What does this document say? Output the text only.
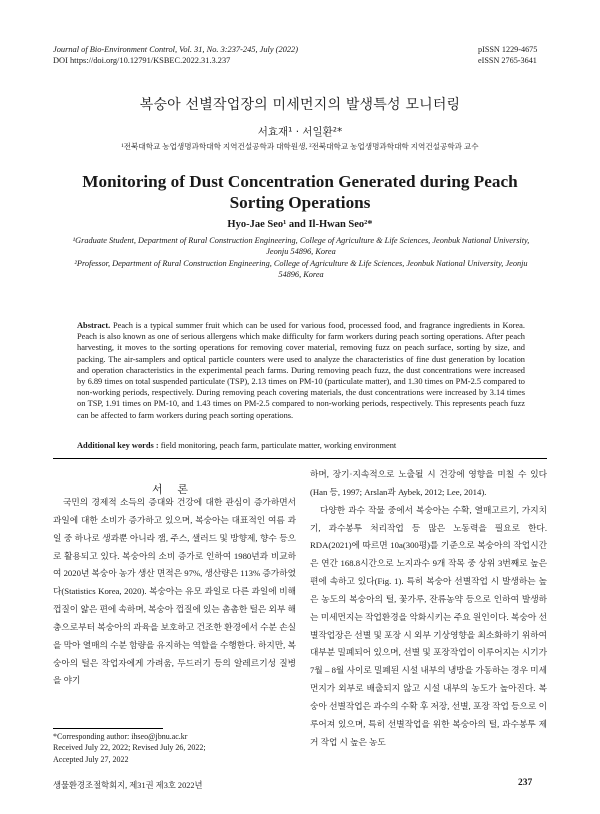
Journal of Bio-Environment Control, Vol. 31, No. 3:237-245, July (2022)
DOI https://doi.org/10.12791/KSBEC.2022.31.3.237
pISSN 1229-4675
eISSN 2765-3641
복숭아 선별작업장의 미세먼지의 발생특성 모니터링
서효재¹ · 서일환²*
¹전북대학교 농업생명과학대학 지역건설공학과 대학원생, ²전북대학교 농업생명과학대학 지역건설공학과 교수
Monitoring of Dust Concentration Generated during Peach Sorting Operations
Hyo-Jae Seo¹ and Il-Hwan Seo²*

¹Graduate Student, Department of Rural Construction Engineering, College of Agriculture & Life Sciences, Jeonbuk National University, Jeonju 54896, Korea

²Professor, Department of Rural Construction Engineering, College of Agriculture & Life Sciences, Jeonbuk National University, Jeonju 54896, Korea

Abstract. Peach is a typical summer fruit which can be used for various food, processed food, and fragrance ingredients in Korea. Peach is also known as one of serious allergens which make difficulty for farm workers during peach sorting operations. After peach harvesting, it moves to the sorting operations for removing cover material, removing fuzz on peach surface, sorting by size, and packing. The air-samplers and optical particle counters were used to analyze the characteristics of fine dust generation by location and operation characteristics in the experimental peach farms. During removing peach fuzz, the dust concentrations were increased by 6.89 times on total suspended particulate (TSP), 2.13 times on PM-10 (particulate matter), and 1.30 times on PM-2.5 compared to non-working periods, respectively. During removing peach covering materials, the dust concentrations were increased by 3.14 times on TSP, 1.91 times on PM-10, and 1.43 times on PM-2.5 compared to non-working periods, respectively. This represents peach fuzz can be affected to farm workers during peach sorting operations.
Additional key words : field monitoring, peach farm, particulate matter, working environment
서 론

국민의 경제적 소득의 증대와 건강에 대한 관심이 증가하면서 과일에 대한 소비가 증가하고 있으며, 복숭아는 대표적인 여름 과일 중 하나로 생과뿐 아니라 잼, 주스, 샐러드 및 방향제, 향수 등으로 활용되고 있다. 복숭아의 소비 증가로 인하여 1980년과 비교하여 2020년 복숭아 농가 생산 면적은 97%, 생산량은 113% 증가하였다(Statistics Korea, 2020). 복숭아는 유모 과일로 다른 과일에 비해 껍질이 얇은 편에 속하며, 복숭아 껍질에 있는 촘촘한 털은 외부 해충으로부터 복숭아의 과육을 보호하고 건조한 환경에서 수분 손실을 막아 열매의 수분 함량을 유지하는 역할을 수행한다. 하지만, 복숭아의 털은 작업자에게 가려움, 두드러기 등의 알레르기성 질병을 야기

하며, 장기·지속적으로 노출될 시 건강에 영향을 미칠 수 있다(Han 등, 1997; Arslan과 Aybek, 2012; Lee, 2014).

다양한 과수 작물 중에서 복숭아는 수확, 열매고르기, 가지치기, 과수봉투 처리작업 등 많은 노동력을 필요로 한다. RDA(2021)에 따르면 10a(300평)를 기준으로 복숭아의 작업시간은 연간 168.8시간으로 노지과수 9개 작목 중 상위 3번째로 높은 편에 속하고 있다(Fig. 1). 특히 복숭아 선별작업 시 발생하는 높은 농도의 복숭아의 털, 꽃가루, 잔류농약 등으로 인하여 발생하는 미세먼지는 작업환경을 악화시키는 주요 원인이다. 복숭아 선별작업장은 선별 및 포장 시 외부 기상영향을 최소화하기 위하여 대부분 밀폐되어 있으며, 선별 및 포장작업이 이루어지는 시기가 7월 – 8월 사이로 밀폐된 시설 내부의 냉방을 가동하는 경우 미세먼지가 외부로 배출되지 않고 시설 내부의 농도가 높아진다. 복숭아 선별작업은 과수의 수확 후 저장, 선별, 포장 작업 등으로 이루어져 있으며, 특히 선별작업을 위한 복숭아의 털, 과수봉투 제거 작업 시 높은 농도

*Corresponding author: ihseo@jbnu.ac.kr
Received July 22, 2022; Revised July 26, 2022;
Accepted July 27, 2022
생물환경조절학회지, 제31권 제3호 2022년	237
